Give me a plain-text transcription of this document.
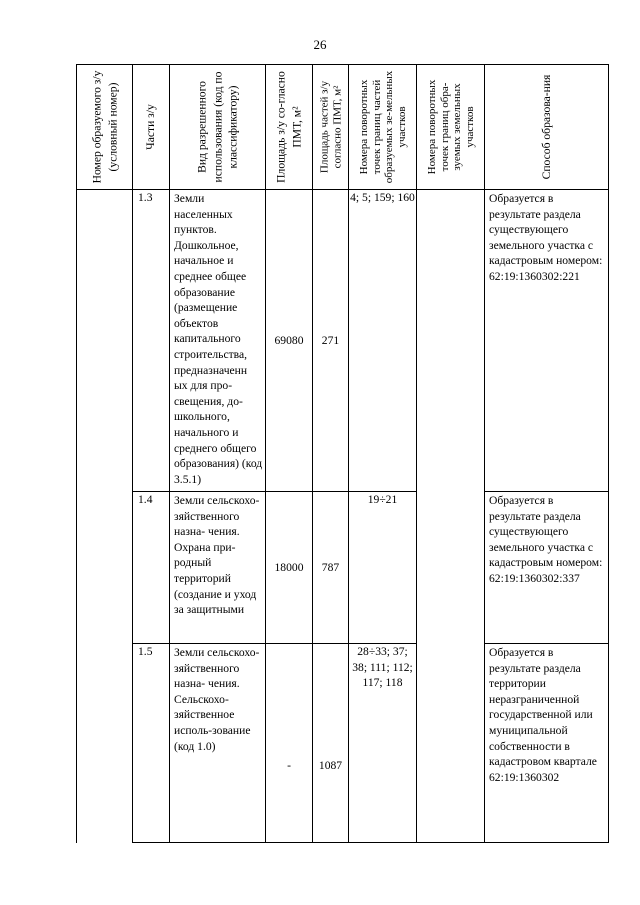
26
Номер образуемого з/у (условный номер)	Части з/у	Вид разрешенного использования (код по классификатору)	Площадь з/у со-гласно ПМТ, м²	Площадь частей з/у согласно ПМТ, м²	Номера поворотных точек границ частей образуемых зе-мельных участков	Номера поворотных точек границ обра-зуемых земельных участков	Способ образова-ния

	1.3	Земли населенных пунктов. Дошкольное, начальное и среднее общее образование (размещение объектов капитального строительства, предназначенн ых для про-свещения, до-школьного, начального и среднего общего образования) (код 3.5.1)	69080	271	4; 5; 159; 160		Образуется в результате раздела существующего земельного участка с кадастровым номером: 62:19:1360302:221
	1.4	Земли сельскохо-зяйственного назна- чения. Охрана при-родный территорий (создание и уход за защитными	18000	787	19÷21		Образуется в результате раздела существующего земельного участка с кадастровым номером: 62:19:1360302:337
	1.5	Земли сельскохо-зяйственного назна- чения. Сельскохо-зяйственное исполь-зование (код 1.0)	-	1087	28÷33; 37; 38; 111; 112; 117; 118		Образуется в результате раздела территории неразграниченной государственной или муниципальной собственности в кадастровом квартале 62:19:1360302
